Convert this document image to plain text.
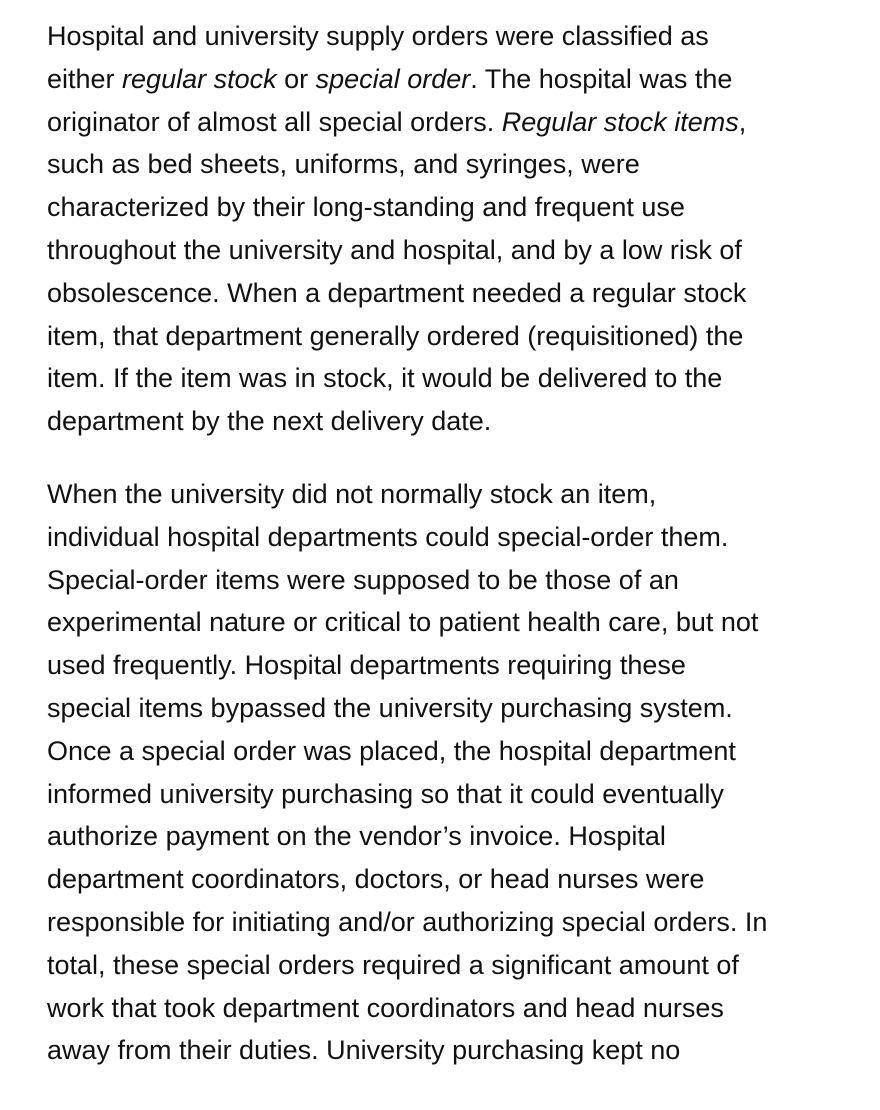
Hospital and university supply orders were classified as
either regular stock or special order. The hospital was the
originator of almost all special orders. Regular stock items,
such as bed sheets, uniforms, and syringes, were
characterized by their long-standing and frequent use
throughout the university and hospital, and by a low risk of
obsolescence. When a department needed a regular stock
item, that department generally ordered (requisitioned) the
item. If the item was in stock, it would be delivered to the
department by the next delivery date.

When the university did not normally stock an item,
individual hospital departments could special-order them.
Special-order items were supposed to be those of an
experimental nature or critical to patient health care, but not
used frequently. Hospital departments requiring these
special items bypassed the university purchasing system.
Once a special order was placed, the hospital department
informed university purchasing so that it could eventually
authorize payment on the vendor’s invoice. Hospital
department coordinators, doctors, or head nurses were
responsible for initiating and/or authorizing special orders. In
total, these special orders required a significant amount of
work that took department coordinators and head nurses
away from their duties. University purchasing kept no
